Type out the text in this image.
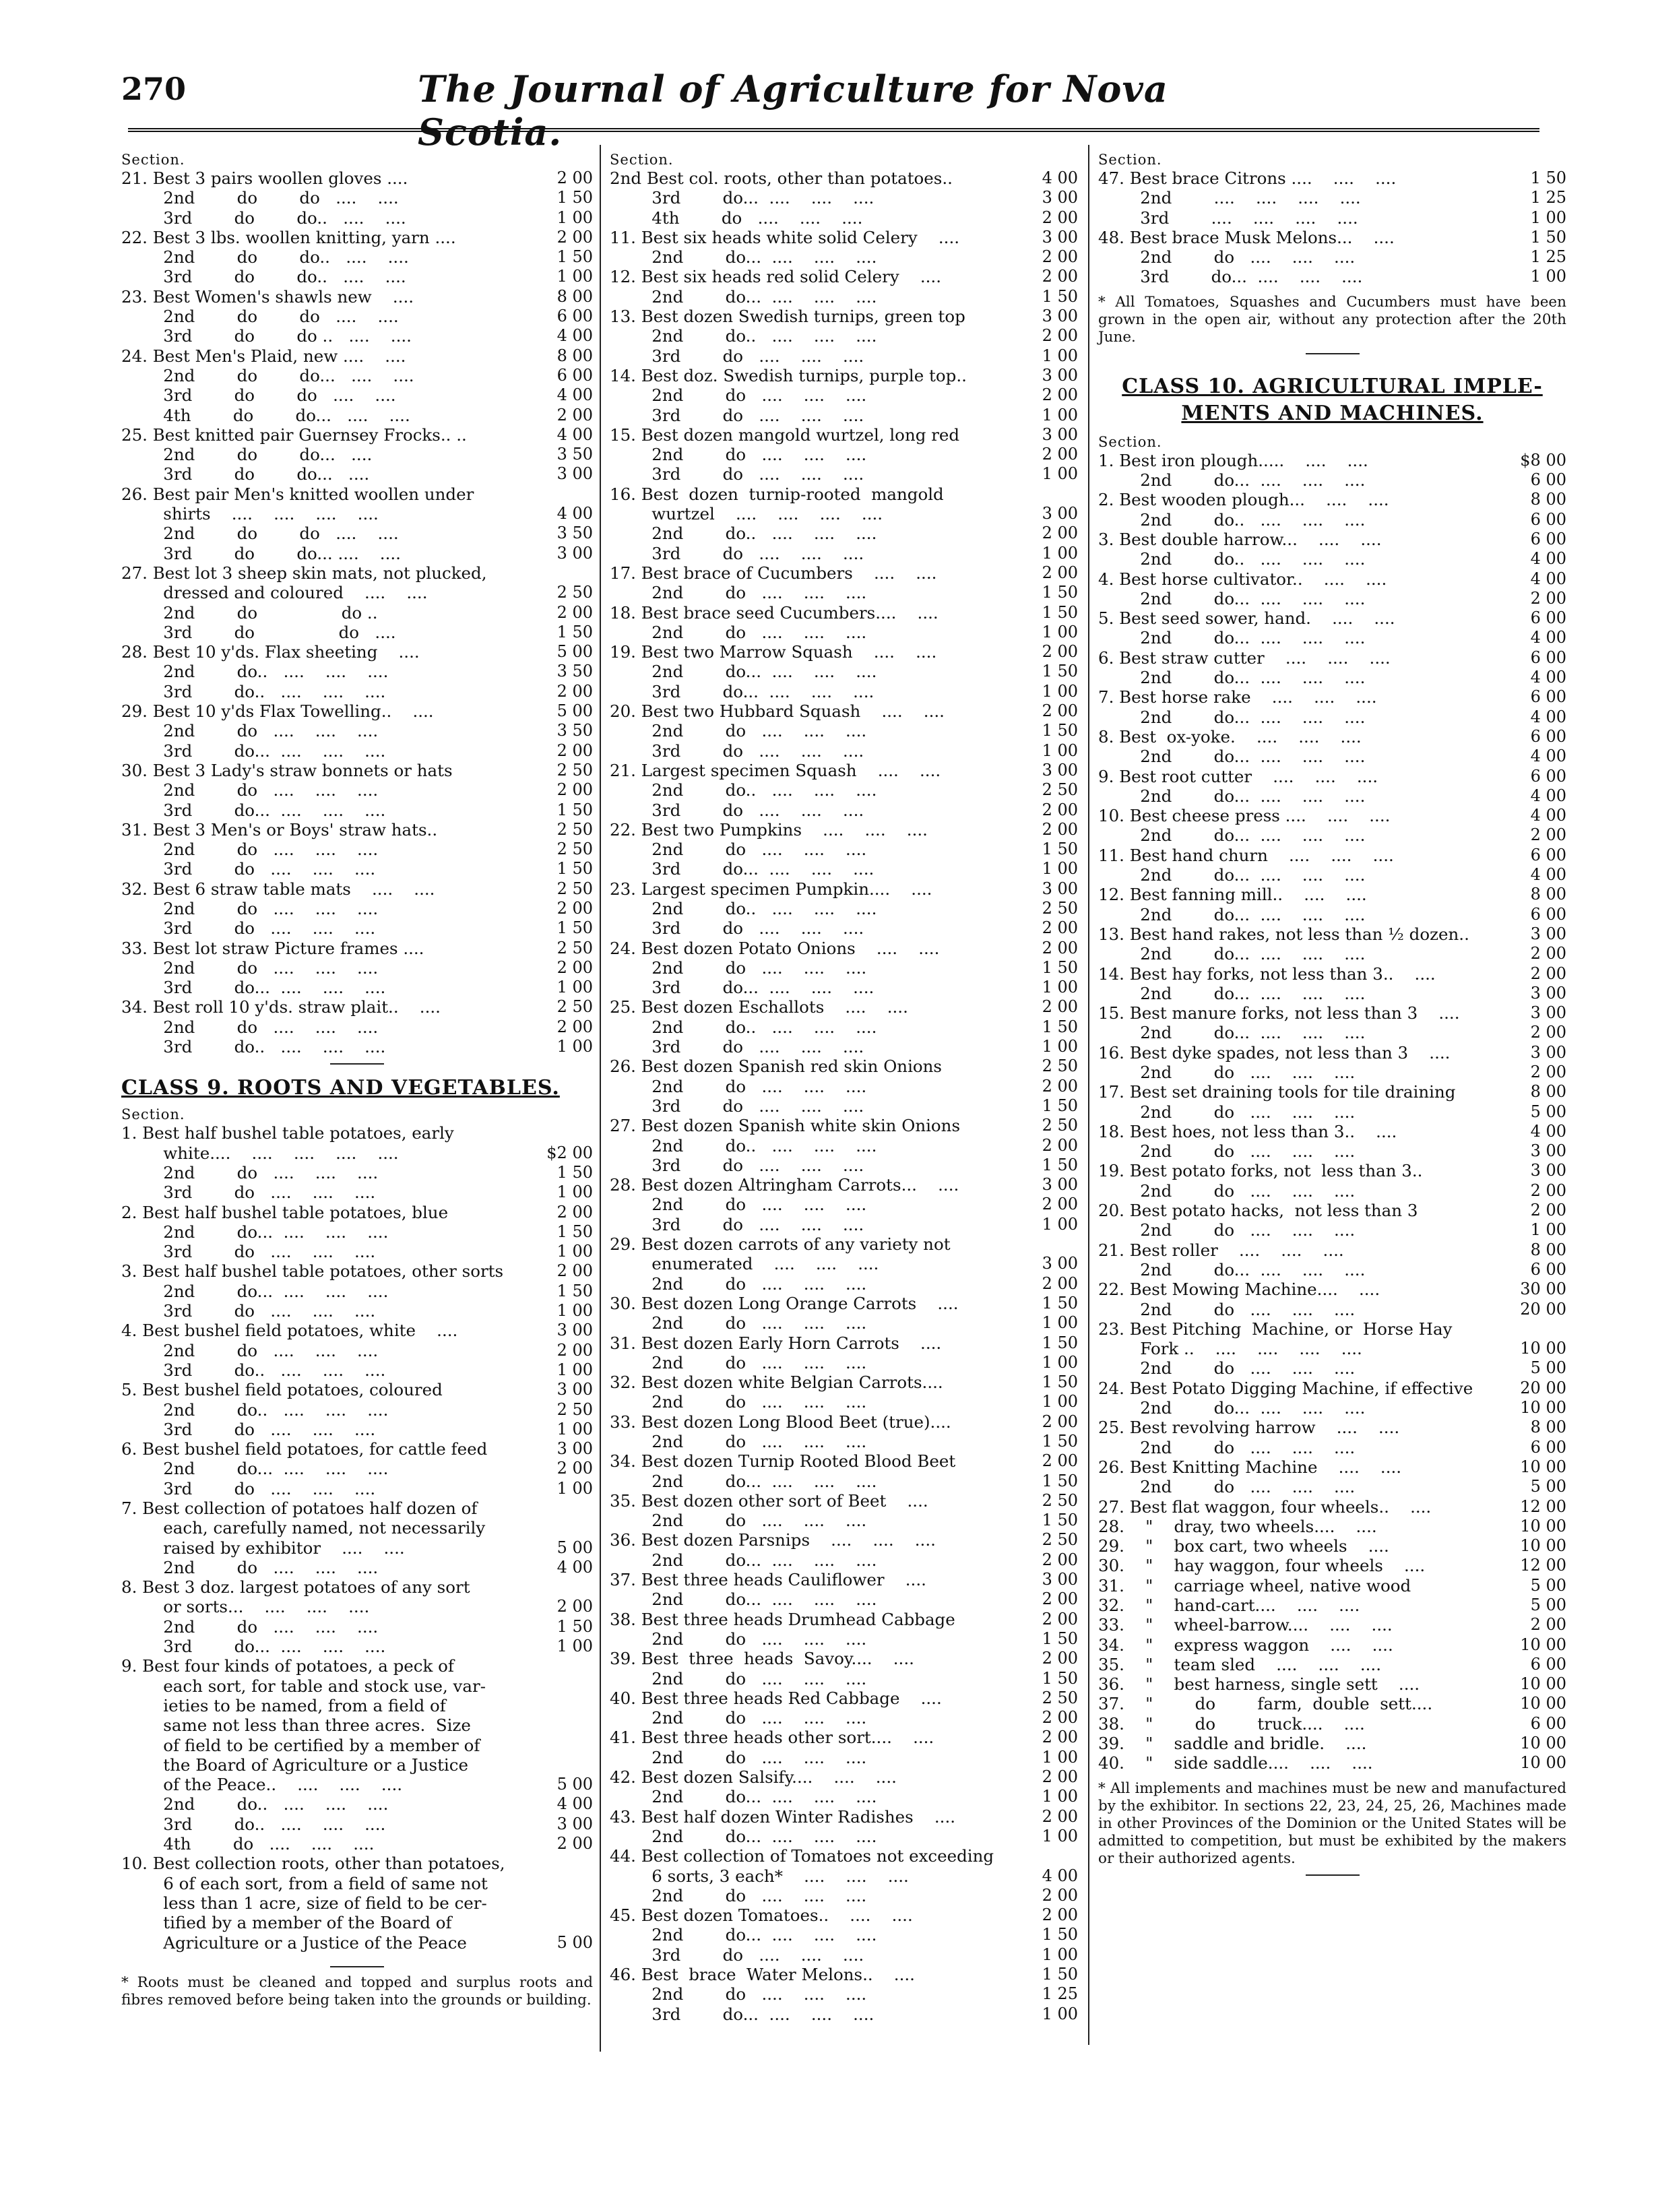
270	The Journal of Agriculture for Nova Scotia.
Section.
21. Best 3 pairs woollen gloves ....	2 00
2nd        do        do   ....    ....	1 50
3rd        do        do..   ....    ....	1 00
22. Best 3 lbs. woollen knitting, yarn ....	2 00
2nd        do        do..   ....    ....	1 50
3rd        do        do..   ....    ....	1 00
23. Best Women's shawls new    ....	8 00
2nd        do        do   ....    ....	6 00
3rd        do        do ..   ....    ....	4 00
24. Best Men's Plaid, new ....    ....	8 00
2nd        do        do...   ....    ....	6 00
3rd        do        do   ....    ....	4 00
4th        do        do...   ....    ....	2 00
25. Best knitted pair Guernsey Frocks.. ..	4 00
2nd        do        do...   ....	3 50
3rd        do        do...   ....	3 00
26. Best pair Men's knitted woollen under
shirts    ....    ....    ....    ....	4 00
2nd        do        do   ....    ....	3 50
3rd        do        do... ....    ....	3 00
27. Best lot 3 sheep skin mats, not plucked,
dressed and coloured    ....    ....	2 50
2nd        do                do ..	2 00
3rd        do                do   ....	1 50
28. Best 10 y'ds. Flax sheeting    ....	5 00
2nd        do..   ....    ....    ....	3 50
3rd        do..   ....    ....    ....	2 00
29. Best 10 y'ds Flax Towelling..    ....	5 00
2nd        do   ....    ....    ....	3 50
3rd        do...  ....    ....    ....	2 00
30. Best 3 Lady's straw bonnets or hats	2 50
2nd        do   ....    ....    ....	2 00
3rd        do...  ....    ....    ....	1 50
31. Best 3 Men's or Boys' straw hats..	2 50
2nd        do   ....    ....    ....	2 50
3rd        do   ....    ....    ....	1 50
32. Best 6 straw table mats    ....    ....	2 50
2nd        do   ....    ....    ....	2 00
3rd        do   ....    ....    ....	1 50
33. Best lot straw Picture frames ....	2 50
2nd        do   ....    ....    ....	2 00
3rd        do...  ....    ....    ....	1 00
34. Best roll 10 y'ds. straw plait..    ....	2 50
2nd        do   ....    ....    ....	2 00
3rd        do..   ....    ....    ....	1 00
CLASS 9. ROOTS AND VEGETABLES.
Section.
1. Best half bushel table potatoes, early
white....    ....    ....    ....    ....	$2 00
2nd        do   ....    ....    ....	1 50
3rd        do   ....    ....    ....	1 00
2. Best half bushel table potatoes, blue	2 00
2nd        do...  ....    ....    ....	1 50
3rd        do   ....    ....    ....	1 00
3. Best half bushel table potatoes, other sorts	2 00
2nd        do...  ....    ....    ....	1 50
3rd        do   ....    ....    ....	1 00
4. Best bushel field potatoes, white    ....	3 00
2nd        do   ....    ....    ....	2 00
3rd        do..   ....    ....    ....	1 00
5. Best bushel field potatoes, coloured	3 00
2nd        do..   ....    ....    ....	2 50
3rd        do   ....    ....    ....	1 00
6. Best bushel field potatoes, for cattle feed	3 00
2nd        do...  ....    ....    ....	2 00
3rd        do   ....    ....    ....	1 00
7. Best collection of potatoes half dozen of
each, carefully named, not necessarily
raised by exhibitor    ....    ....	5 00
2nd        do   ....    ....    ....	4 00
8. Best 3 doz. largest potatoes of any sort
or sorts...    ....    ....    ....	2 00
2nd        do   ....    ....    ....	1 50
3rd        do...  ....    ....    ....	1 00
9. Best four kinds of potatoes, a peck of
each sort, for table and stock use, var-
ieties to be named, from a field of
same not less than three acres.  Size
of field to be certified by a member of
the Board of Agriculture or a Justice
of the Peace..    ....    ....    ....	5 00
2nd        do..   ....    ....    ....	4 00
3rd        do..   ....    ....    ....	3 00
4th        do   ....    ....    ....	2 00
10. Best collection roots, other than potatoes,
6 of each sort, from a field of same not
less than 1 acre, size of field to be cer-
tified by a member of the Board of
Agriculture or a Justice of the Peace	5 00
* Roots must be cleaned and topped and surplus roots and fibres removed before being taken into the grounds or building.
Section.
2nd Best col. roots, other than potatoes..	4 00
3rd        do...  ....    ....    ....	3 00
4th        do   ....    ....    ....	2 00
11. Best six heads white solid Celery    ....	3 00
2nd        do...  ....    ....    ....	2 00
12. Best six heads red solid Celery    ....	2 00
2nd        do...  ....    ....    ....	1 50
13. Best dozen Swedish turnips, green top	3 00
2nd        do..   ....    ....    ....	2 00
3rd        do   ....    ....    ....	1 00
14. Best doz. Swedish turnips, purple top..	3 00
2nd        do   ....    ....    ....	2 00
3rd        do   ....    ....    ....	1 00
15. Best dozen mangold wurtzel, long red	3 00
2nd        do   ....    ....    ....	2 00
3rd        do   ....    ....    ....	1 00
16. Best  dozen  turnip-rooted  mangold
wurtzel    ....    ....    ....    ....	3 00
2nd        do..   ....    ....    ....	2 00
3rd        do   ....    ....    ....	1 00
17. Best brace of Cucumbers    ....    ....	2 00
2nd        do   ....    ....    ....	1 50
18. Best brace seed Cucumbers....    ....	1 50
2nd        do   ....    ....    ....	1 00
19. Best two Marrow Squash    ....    ....	2 00
2nd        do...  ....    ....    ....	1 50
3rd        do...  ....    ....    ....	1 00
20. Best two Hubbard Squash    ....    ....	2 00
2nd        do   ....    ....    ....	1 50
3rd        do   ....    ....    ....	1 00
21. Largest specimen Squash    ....    ....	3 00
2nd        do..   ....    ....    ....	2 50
3rd        do   ....    ....    ....	2 00
22. Best two Pumpkins    ....    ....    ....	2 00
2nd        do   ....    ....    ....	1 50
3rd        do...  ....    ....    ....	1 00
23. Largest specimen Pumpkin....    ....	3 00
2nd        do..   ....    ....    ....	2 50
3rd        do   ....    ....    ....	2 00
24. Best dozen Potato Onions    ....    ....	2 00
2nd        do   ....    ....    ....	1 50
3rd        do...  ....    ....    ....	1 00
25. Best dozen Eschallots    ....    ....	2 00
2nd        do..   ....    ....    ....	1 50
3rd        do   ....    ....    ....	1 00
26. Best dozen Spanish red skin Onions	2 50
2nd        do   ....    ....    ....	2 00
3rd        do   ....    ....    ....	1 50
27. Best dozen Spanish white skin Onions	2 50
2nd        do..   ....    ....    ....	2 00
3rd        do   ....    ....    ....	1 50
28. Best dozen Altringham Carrots...    ....	3 00
2nd        do   ....    ....    ....	2 00
3rd        do   ....    ....    ....	1 00
29. Best dozen carrots of any variety not
enumerated    ....    ....    ....	3 00
2nd        do   ....    ....    ....	2 00
30. Best dozen Long Orange Carrots    ....	1 50
2nd        do   ....    ....    ....	1 00
31. Best dozen Early Horn Carrots    ....	1 50
2nd        do   ....    ....    ....	1 00
32. Best dozen white Belgian Carrots....	1 50
2nd        do   ....    ....    ....	1 00
33. Best dozen Long Blood Beet (true)....	2 00
2nd        do   ....    ....    ....	1 50
34. Best dozen Turnip Rooted Blood Beet	2 00
2nd        do...  ....    ....    ....	1 50
35. Best dozen other sort of Beet    ....	2 50
2nd        do   ....    ....    ....	1 50
36. Best dozen Parsnips    ....    ....    ....	2 50
2nd        do...  ....    ....    ....	2 00
37. Best three heads Cauliflower    ....	3 00
2nd        do...  ....    ....    ....	2 00
38. Best three heads Drumhead Cabbage	2 00
2nd        do   ....    ....    ....	1 50
39. Best  three  heads  Savoy....    ....	2 00
2nd        do   ....    ....    ....	1 50
40. Best three heads Red Cabbage    ....	2 50
2nd        do   ....    ....    ....	2 00
41. Best three heads other sort....    ....	2 00
2nd        do   ....    ....    ....	1 00
42. Best dozen Salsify....    ....    ....	2 00
2nd        do...  ....    ....    ....	1 00
43. Best half dozen Winter Radishes    ....	2 00
2nd        do...  ....    ....    ....	1 00
44. Best collection of Tomatoes not exceeding
6 sorts, 3 each*    ....    ....    ....	4 00
2nd        do   ....    ....    ....	2 00
45. Best dozen Tomatoes..    ....    ....	2 00
2nd        do...  ....    ....    ....	1 50
3rd        do   ....    ....    ....	1 00
46. Best  brace  Water Melons..    ....	1 50
2nd        do   ....    ....    ....	1 25
3rd        do...  ....    ....    ....	1 00
Section.
47. Best brace Citrons ....    ....    ....	1 50
2nd        ....    ....    ....    ....	1 25
3rd        ....    ....    ....    ....	1 00
48. Best brace Musk Melons...    ....	1 50
2nd        do   ....    ....    ....	1 25
3rd        do...  ....    ....    ....	1 00
* All Tomatoes, Squashes and Cucumbers must have been grown in the open air, without any protection after the 20th June.
CLASS 10. AGRICULTURAL IMPLE-
MENTS AND MACHINES.
Section.
1. Best iron plough.....    ....    ....	$8 00
2nd        do...  ....    ....    ....	6 00
2. Best wooden plough...    ....    ....	8 00
2nd        do..   ....    ....    ....	6 00
3. Best double harrow...    ....    ....	6 00
2nd        do..   ....    ....    ....	4 00
4. Best horse cultivator..    ....    ....	4 00
2nd        do...  ....    ....    ....	2 00
5. Best seed sower, hand.    ....    ....	6 00
2nd        do...  ....    ....    ....	4 00
6. Best straw cutter    ....    ....    ....	6 00
2nd        do...  ....    ....    ....	4 00
7. Best horse rake    ....    ....    ....	6 00
2nd        do...  ....    ....    ....	4 00
8. Best  ox-yoke.    ....    ....    ....	6 00
2nd        do...  ....    ....    ....	4 00
9. Best root cutter    ....    ....    ....	6 00
2nd        do...  ....    ....    ....	4 00
10. Best cheese press ....    ....    ....	4 00
2nd        do...  ....    ....    ....	2 00
11. Best hand churn    ....    ....    ....	6 00
2nd        do...  ....    ....    ....	4 00
12. Best fanning mill..    ....    ....	8 00
2nd        do...  ....    ....    ....	6 00
13. Best hand rakes, not less than ½ dozen..	3 00
2nd        do...  ....    ....    ....	2 00
14. Best hay forks, not less than 3..    ....	2 00
2nd        do...  ....    ....    ....	3 00
15. Best manure forks, not less than 3    ....	3 00
2nd        do...  ....    ....    ....	2 00
16. Best dyke spades, not less than 3    ....	3 00
2nd        do   ....    ....    ....	2 00
17. Best set draining tools for tile draining	8 00
2nd        do   ....    ....    ....	5 00
18. Best hoes, not less than 3..    ....	4 00
2nd        do   ....    ....    ....	3 00
19. Best potato forks, not  less than 3..	3 00
2nd        do   ....    ....    ....	2 00
20. Best potato hacks,  not less than 3	2 00
2nd        do   ....    ....    ....	1 00
21. Best roller    ....    ....    ....	8 00
2nd        do...  ....    ....    ....	6 00
22. Best Mowing Machine....    ....	30 00
2nd        do   ....    ....    ....	20 00
23. Best Pitching  Machine, or  Horse Hay
Fork ..    ....    ....    ....    ....	10 00
2nd        do   ....    ....    ....	5 00
24. Best Potato Digging Machine, if effective	20 00
2nd        do...  ....    ....    ....	10 00
25. Best revolving harrow    ....    ....	8 00
2nd        do   ....    ....    ....	6 00
26. Best Knitting Machine    ....    ....	10 00
2nd        do   ....    ....    ....	5 00
27. Best flat waggon, four wheels..    ....	12 00
28.    "    dray, two wheels....    ....	10 00
29.    "    box cart, two wheels    ....	10 00
30.    "    hay waggon, four wheels    ....	12 00
31.    "    carriage wheel, native wood	5 00
32.    "    hand-cart....    ....    ....	5 00
33.    "    wheel-barrow....    ....    ....	2 00
34.    "    express waggon    ....    ....	10 00
35.    "    team sled    ....    ....    ....	6 00
36.    "    best harness, single sett    ....	10 00
37.    "        do        farm,  double  sett....	10 00
38.    "        do        truck....    ....	6 00
39.    "    saddle and bridle.    ....	10 00
40.    "    side saddle....    ....    ....	10 00
* All implements and machines must be new and manufactured by the exhibitor. In sections 22, 23, 24, 25, 26, Machines made in other Provinces of the Dominion or the United States will be admitted to competition, but must be exhibited by the makers or their authorized agents.
